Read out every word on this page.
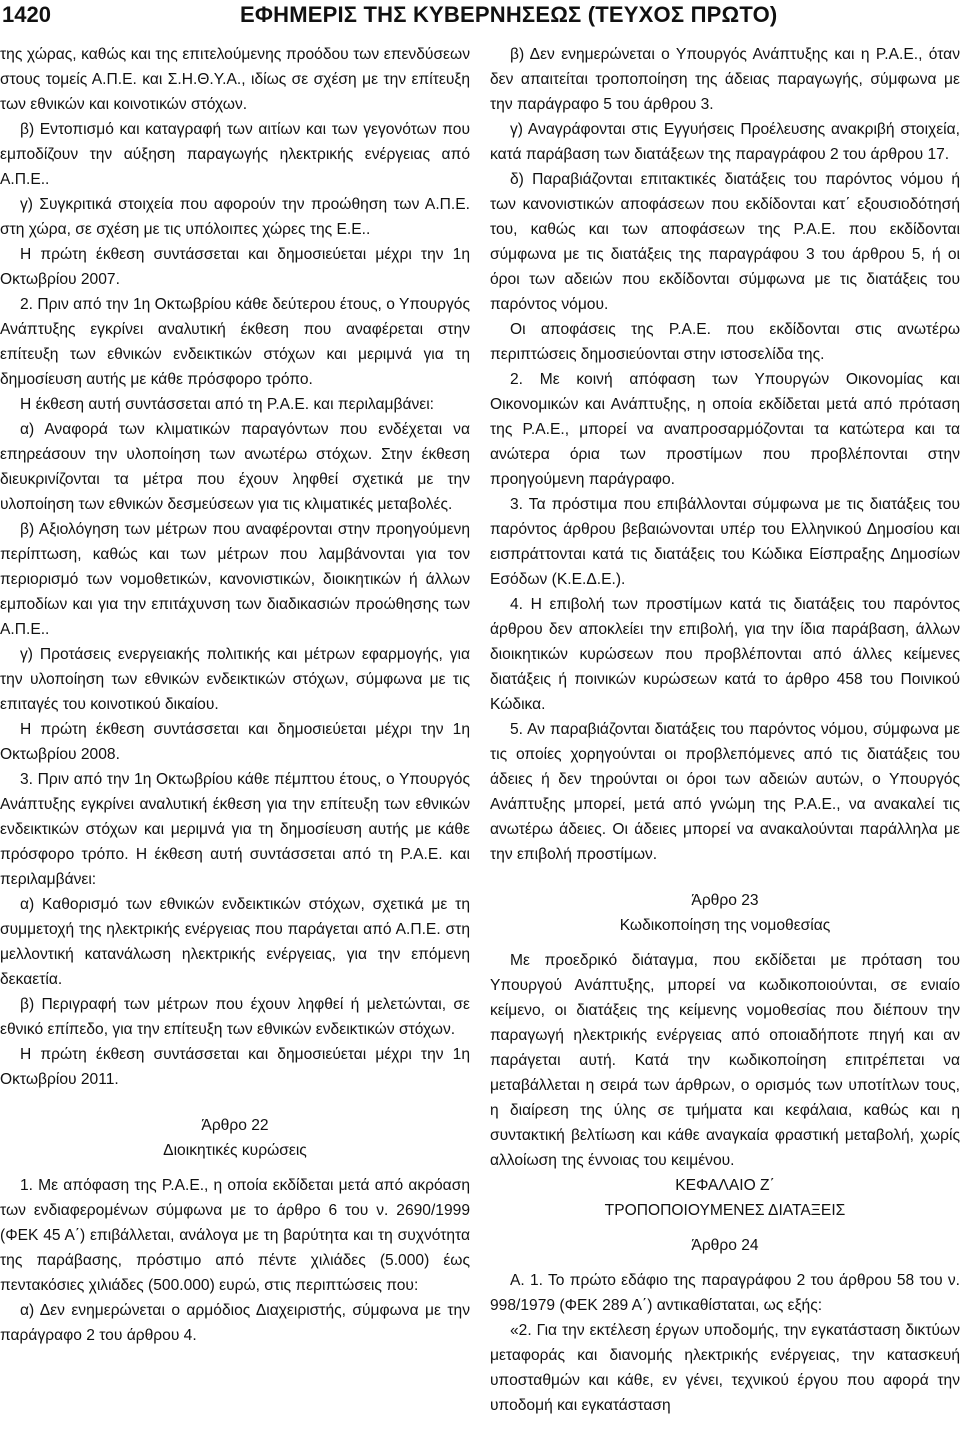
1420	ΕΦΗΜΕΡΙΣ ΤΗΣ ΚΥΒΕΡΝΗΣΕΩΣ (ΤΕΥΧΟΣ ΠΡΩΤΟ)

της χώρας, καθώς και της επιτελούμενης προόδου των επενδύσεων στους τομείς Α.Π.Ε. και Σ.Η.Θ.Υ.Α., ιδίως σε σχέση με την επίτευξη των εθνικών και κοινοτικών στόχων.

β) Εντοπισμό και καταγραφή των αιτίων και των γεγονότων που εμποδίζουν την αύξηση παραγωγής ηλεκτρικής ενέργειας από Α.Π.Ε..

γ) Συγκριτικά στοιχεία που αφορούν την προώθηση των Α.Π.Ε. στη χώρα, σε σχέση με τις υπόλοιπες χώρες της Ε.Ε..

Η πρώτη έκθεση συντάσσεται και δημοσιεύεται μέχρι την 1η Οκτωβρίου 2007.

2. Πριν από την 1η Οκτωβρίου κάθε δεύτερου έτους, ο Υπουργός Ανάπτυξης εγκρίνει αναλυτική έκθεση που αναφέρεται στην επίτευξη των εθνικών ενδεικτικών στόχων και μεριμνά για τη δημοσίευση αυτής με κάθε πρόσφορο τρόπο.

Η έκθεση αυτή συντάσσεται από τη Ρ.Α.Ε. και περιλαμβάνει:

α) Αναφορά των κλιματικών παραγόντων που ενδέχεται να επηρεάσουν την υλοποίηση των ανωτέρω στόχων. Στην έκθεση διευκρινίζονται τα μέτρα που έχουν ληφθεί σχετικά με την υλοποίηση των εθνικών δεσμεύσεων για τις κλιματικές μεταβολές.

β) Αξιολόγηση των μέτρων που αναφέρονται στην προηγούμενη περίπτωση, καθώς και των μέτρων που λαμβάνονται για τον περιορισμό των νομοθετικών, κανονιστικών, διοικητικών ή άλλων εμποδίων και για την επιτάχυνση των διαδικασιών προώθησης των Α.Π.Ε..

γ) Προτάσεις ενεργειακής πολιτικής και μέτρων εφαρμογής, για την υλοποίηση των εθνικών ενδεικτικών στόχων, σύμφωνα με τις επιταγές του κοινοτικού δικαίου.

Η πρώτη έκθεση συντάσσεται και δημοσιεύεται μέχρι την 1η Οκτωβρίου 2008.

3. Πριν από την 1η Οκτωβρίου κάθε πέμπτου έτους, ο Υπουργός Ανάπτυξης εγκρίνει αναλυτική έκθεση για την επίτευξη των εθνικών ενδεικτικών στόχων και μεριμνά για τη δημοσίευση αυτής με κάθε πρόσφορο τρόπο. Η έκθεση αυτή συντάσσεται από τη Ρ.Α.Ε. και περιλαμβάνει:

α) Καθορισμό των εθνικών ενδεικτικών στόχων, σχετικά με τη συμμετοχή της ηλεκτρικής ενέργειας που παράγεται από Α.Π.Ε. στη μελλοντική κατανάλωση ηλεκτρικής ενέργειας, για την επόμενη δεκαετία.

β) Περιγραφή των μέτρων που έχουν ληφθεί ή μελετώνται, σε εθνικό επίπεδο, για την επίτευξη των εθνικών ενδεικτικών στόχων.

Η πρώτη έκθεση συντάσσεται και δημοσιεύεται μέχρι την 1η Οκτωβρίου 2011.

Άρθρο 22

Διοικητικές κυρώσεις

1. Με απόφαση της Ρ.Α.Ε., η οποία εκδίδεται μετά από ακρόαση των ενδιαφερομένων σύμφωνα με το άρθρο 6 του ν. 2690/1999 (ΦΕΚ 45 Α΄) επιβάλλεται, ανάλογα με τη βαρύτητα και τη συχνότητα της παράβασης, πρόστιμο από πέντε χιλιάδες (5.000) έως πεντακόσιες χιλιάδες (500.000) ευρώ, στις περιπτώσεις που:

α) Δεν ενημερώνεται ο αρμόδιος Διαχειριστής, σύμφωνα με την παράγραφο 2 του άρθρου 4.

β) Δεν ενημερώνεται ο Υπουργός Ανάπτυξης και η Ρ.Α.Ε., όταν δεν απαιτείται τροποποίηση της άδειας παραγωγής, σύμφωνα με την παράγραφο 5 του άρθρου 3.

γ) Αναγράφονται στις Εγγυήσεις Προέλευσης ανακριβή στοιχεία, κατά παράβαση των διατάξεων της παραγράφου 2 του άρθρου 17.

δ) Παραβιάζονται επιτακτικές διατάξεις του παρόντος νόμου ή των κανονιστικών αποφάσεων που εκδίδονται κατ΄ εξουσιοδότησή του, καθώς και των αποφάσεων της Ρ.Α.Ε. που εκδίδονται σύμφωνα με τις διατάξεις της παραγράφου 3 του άρθρου 5, ή οι όροι των αδειών που εκδίδονται σύμφωνα με τις διατάξεις του παρόντος νόμου.

Οι αποφάσεις της Ρ.Α.Ε. που εκδίδονται στις ανωτέρω περιπτώσεις δημοσιεύονται στην ιστοσελίδα της.

2. Με κοινή απόφαση των Υπουργών Οικονομίας και Οικονομικών και Ανάπτυξης, η οποία εκδίδεται μετά από πρόταση της Ρ.Α.Ε., μπορεί να αναπροσαρμόζονται τα κατώτερα και τα ανώτερα όρια των προστίμων που προβλέπονται στην προηγούμενη παράγραφο.

3. Τα πρόστιμα που επιβάλλονται σύμφωνα με τις διατάξεις του παρόντος άρθρου βεβαιώνονται υπέρ του Ελληνικού Δημοσίου και εισπράττονται κατά τις διατάξεις του Κώδικα Είσπραξης Δημοσίων Εσόδων (Κ.Ε.Δ.Ε.).

4. Η επιβολή των προστίμων κατά τις διατάξεις του παρόντος άρθρου δεν αποκλείει την επιβολή, για την ίδια παράβαση, άλλων διοικητικών κυρώσεων που προβλέπονται από άλλες κείμενες διατάξεις ή ποινικών κυρώσεων κατά το άρθρο 458 του Ποινικού Κώδικα.

5. Αν παραβιάζονται διατάξεις του παρόντος νόμου, σύμφωνα με τις οποίες χορηγούνται οι προβλεπόμενες από τις διατάξεις του άδειες ή δεν τηρούνται οι όροι των αδειών αυτών, ο Υπουργός Ανάπτυξης μπορεί, μετά από γνώμη της Ρ.Α.Ε., να ανακαλεί τις ανωτέρω άδειες. Οι άδειες μπορεί να ανακαλούνται παράλληλα με την επιβολή προστίμων.

Άρθρο 23

Κωδικοποίηση της νομοθεσίας

Με προεδρικό διάταγμα, που εκδίδεται με πρόταση του Υπουργού Ανάπτυξης, μπορεί να κωδικοποιούνται, σε ενιαίο κείμενο, οι διατάξεις της κείμενης νομοθεσίας που διέπουν την παραγωγή ηλεκτρικής ενέργειας από οποιαδήποτε πηγή και αν παράγεται αυτή. Κατά την κωδικοποίηση επιτρέπεται να μεταβάλλεται η σειρά των άρθρων, ο ορισμός των υποτίτλων τους, η διαίρεση της ύλης σε τμήματα και κεφάλαια, καθώς και η συντακτική βελτίωση και κάθε αναγκαία φραστική μεταβολή, χωρίς αλλοίωση της έννοιας του κειμένου.

ΚΕΦΑΛΑΙΟ Ζ΄

ΤΡΟΠΟΠΟΙΟΥΜΕΝΕΣ ΔΙΑΤΑΞΕΙΣ

Άρθρο 24

Α. 1. Το πρώτο εδάφιο της παραγράφου 2 του άρθρου 58 του ν. 998/1979 (ΦΕΚ 289 Α΄) αντικαθίσταται, ως εξής:

«2. Για την εκτέλεση έργων υποδομής, την εγκατάσταση δικτύων μεταφοράς και διανομής ηλεκτρικής ενέργειας, την κατασκευή υποσταθμών και κάθε, εν γένει, τεχνικού έργου που αφορά την υποδομή και εγκατάσταση
